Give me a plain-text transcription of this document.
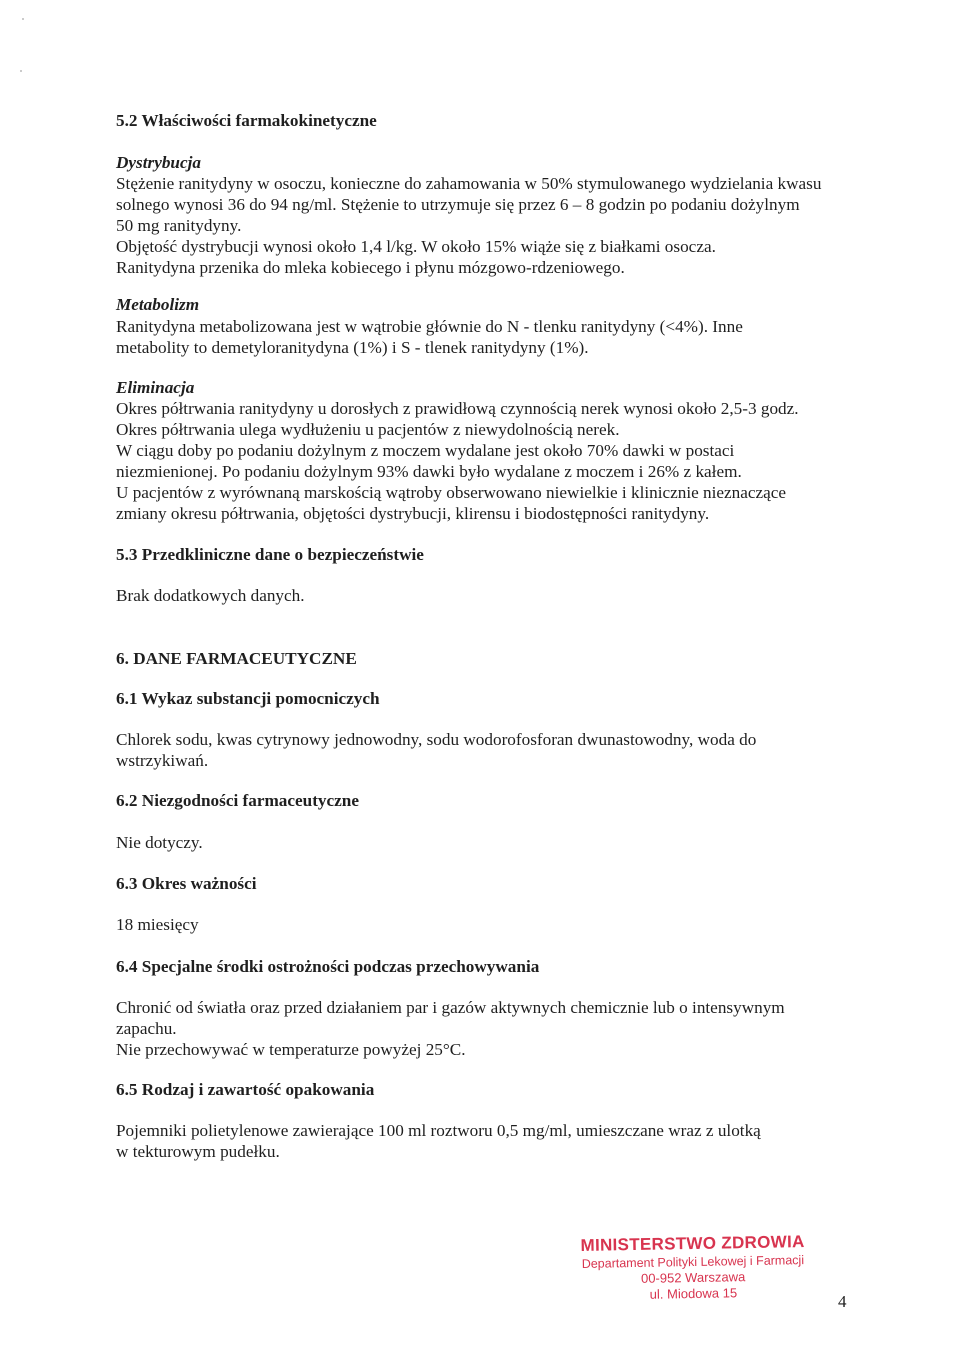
5.2 Właściwości farmakokinetyczne
Dystrybucja

Stężenie ranitydyny w osoczu, konieczne do zahamowania w 50% stymulowanego wydzielania kwasu

solnego wynosi 36 do 94 ng/ml. Stężenie to utrzymuje się przez 6 – 8 godzin po podaniu dożylnym

50 mg ranitydyny.

Objętość dystrybucji wynosi około 1,4 l/kg. W około 15% wiąże się z białkami osocza.

Ranitydyna przenika do mleka kobiecego i płynu mózgowo-rdzeniowego.

Metabolizm

Ranitydyna metabolizowana jest w wątrobie głównie do N - tlenku ranitydyny (<4%). Inne

metabolity to demetyloranitydyna (1%) i S - tlenek ranitydyny (1%).

Eliminacja

Okres półtrwania ranitydyny u dorosłych z prawidłową czynnością nerek wynosi około 2,5-3 godz.

Okres półtrwania ulega wydłużeniu u pacjentów z niewydolnością nerek.

W ciągu doby po podaniu dożylnym z moczem wydalane jest około 70% dawki w postaci

niezmienionej. Po podaniu dożylnym 93% dawki było wydalane z moczem i 26% z kałem.

U pacjentów z wyrównaną marskością wątroby obserwowano niewielkie i klinicznie nieznaczące

zmiany okresu półtrwania, objętości dystrybucji, klirensu i biodostępności ranitydyny.

5.3 Przedkliniczne dane o bezpieczeństwie
Brak dodatkowych danych.
6. DANE FARMACEUTYCZNE
6.1 Wykaz substancji pomocniczych

Chlorek sodu, kwas cytrynowy jednowodny, sodu wodorofosforan dwunastowodny, woda do

wstrzykiwań.

6.2 Niezgodności farmaceutyczne
Nie dotyczy.
6.3 Okres ważności
18 miesięcy
6.4 Specjalne środki ostrożności podczas przechowywania

Chronić od światła oraz przed działaniem par i gazów aktywnych chemicznie lub o intensywnym

zapachu.

Nie przechowywać w temperaturze powyżej 25°C.

6.5 Rodzaj i zawartość opakowania

Pojemniki polietylenowe zawierające 100 ml roztworu 0,5 mg/ml, umieszczane wraz z ulotką

w tekturowym pudełku.

MINISTERSTWO ZDROWIA
Departament Polityki Lekowej i Farmacji
00-952 Warszawa
ul. Miodowa 15	4
